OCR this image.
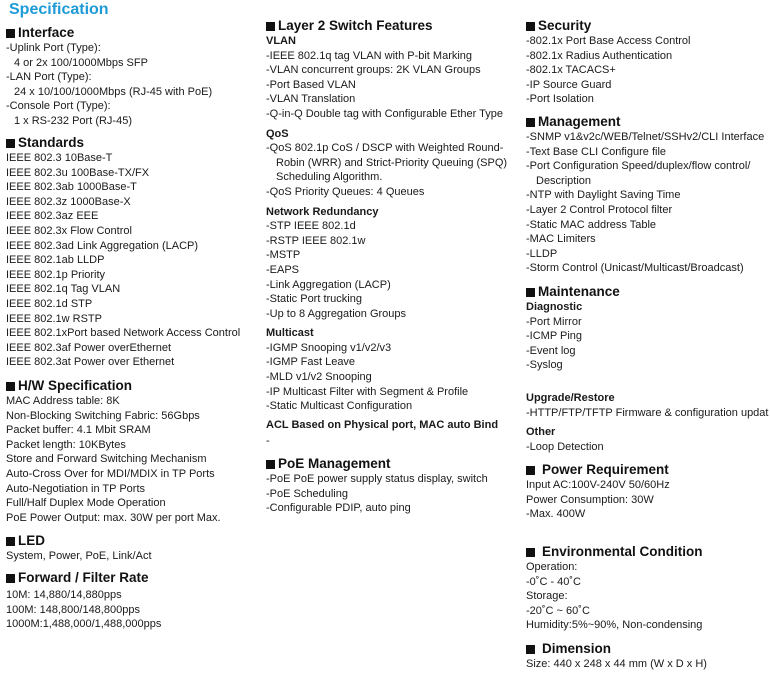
Specification
Interface
-Uplink Port (Type):
4 or 2x 100/1000Mbps SFP
-LAN Port (Type):
24 x 10/100/1000Mbps (RJ-45 with PoE)
-Console Port (Type):
1 x RS-232 Port (RJ-45)
Standards
IEEE 802.3 10Base-T
IEEE 802.3u 100Base-TX/FX
IEEE 802.3ab 1000Base-T
IEEE 802.3z 1000Base-X
IEEE 802.3az EEE
IEEE 802.3x Flow Control
IEEE 802.3ad Link Aggregation (LACP)
IEEE 802.1ab LLDP
IEEE 802.1p Priority
IEEE 802.1q Tag VLAN
IEEE 802.1d STP
IEEE 802.1w RSTP
IEEE 802.1xPort based Network Access Control
IEEE 802.3af Power overEthernet
IEEE 802.3at Power over Ethernet
H/W Specification
MAC Address table: 8K
Non-Blocking Switching Fabric: 56Gbps
Packet buffer: 4.1 Mbit SRAM
Packet length: 10KBytes
Store and Forward Switching Mechanism
Auto-Cross Over for MDI/MDIX in TP Ports
Auto-Negotiation in TP Ports
Full/Half Duplex Mode Operation
PoE Power Output: max. 30W per port Max.
LED
System, Power, PoE, Link/Act
Forward / Filter Rate
10M: 14,880/14,880pps
100M: 148,800/148,800pps
1000M:1,488,000/1,488,000pps
Layer 2 Switch Features
VLAN
-IEEE 802.1q tag VLAN with P-bit Marking
-VLAN concurrent groups: 2K VLAN Groups
-Port Based VLAN
-VLAN Translation
-Q-in-Q Double tag with Configurable Ether Type
QoS
-QoS 802.1p CoS / DSCP with Weighted Round-
Robin (WRR) and Strict-Priority Queuing (SPQ)
Scheduling Algorithm.
-QoS Priority Queues: 4 Queues
Network Redundancy
-STP IEEE 802.1d
-RSTP IEEE 802.1w
-MSTP
-EAPS
-Link Aggregation (LACP)
-Static Port trucking
-Up to 8 Aggregation Groups
Multicast
-IGMP Snooping v1/v2/v3
-IGMP Fast Leave
-MLD v1/v2 Snooping
-IP Multicast Filter with Segment & Profile
-Static Multicast Configuration
ACL Based on Physical port, MAC auto Bind
-
PoE Management
-PoE PoE power supply status display, switch
-PoE Scheduling
-Configurable PDIP, auto ping
Security
-802.1x Port Base Access Control
-802.1x Radius Authentication
-802.1x TACACS+
-IP Source Guard
-Port Isolation
Management
-SNMP v1&v2c/WEB/Telnet/SSHv2/CLI Interface
-Text Base CLI Configure file
-Port Configuration Speed/duplex/flow control/
Description
-NTP with Daylight Saving Time
-Layer 2 Control Protocol filter
-Static MAC address Table
-MAC Limiters
-LLDP
-Storm Control (Unicast/Multicast/Broadcast)
Maintenance
Diagnostic
-Port Mirror
-ICMP Ping
-Event log
-Syslog
Upgrade/Restore
-HTTP/FTP/TFTP Firmware & configuration updat
Other
-Loop Detection
Power Requirement
Input AC:100V-240V 50/60Hz
Power Consumption: 30W
-Max. 400W
Environmental Condition
Operation:
-0˚C - 40˚C
Storage:
-20˚C ~ 60˚C
Humidity:5%~90%, Non-condensing
Dimension
Size: 440 x 248 x 44 mm (W x D x H)
